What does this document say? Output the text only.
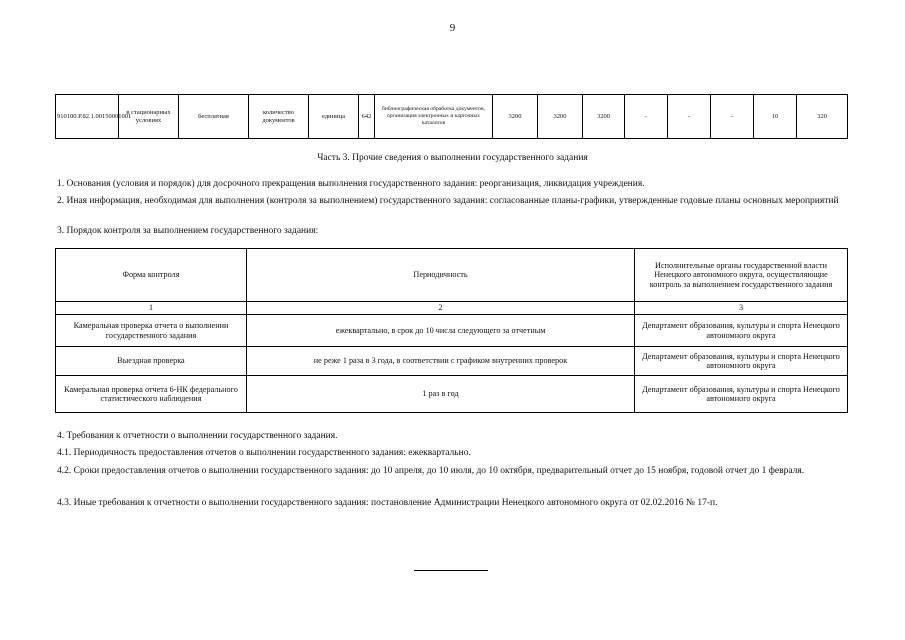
9
910100.Р.82.1.00150001001	в стационарных условиях	бесплатная	количество документов	единица	642	библиографическая обработка документов, организация электронных и карточных каталогов	3200	3200	3200	-	-	-	10	320
Часть 3. Прочие сведения о выполнении государственного задания
1. Основания (условия и порядок) для досрочного прекращения выполнения государственного задания: реорганизация, ликвидация учреждения.
2. Иная информация, необходимая для выполнения (контроля за выполнением) государственного задания: согласованные планы-графики, утвержденные годовые планы основных мероприятий
3. Порядок контроля за выполнением государственного задания:
Форма контроля	Периодичность	Исполнительные органы государственной власти Ненецкого автономного округа, осуществляющие контроль за выполнением государственного задания
1	2	3
Камеральная проверка отчета о выполнении государственного задания	ежеквартально, в срок до 10 числа следующего за отчетным	Департамент образования, культуры и спорта Ненецкого автономного округа
Выездная проверка	не реже 1 раза в 3 года, в соответствии с графиком внутренних проверок	Департамент образования, культуры и спорта Ненецкого автономного округа
Камеральная проверка отчета 6-НК федерального статистического наблюдения	1 раз в год	Департамент образования, культуры и спорта Ненецкого автономного округа
4. Требования к отчетности о выполнении государственного задания.
4.1. Периодичность предоставления отчетов о выполнении государственного задания: ежеквартально.
4.2. Сроки предоставления отчетов о выполнении государственного задания: до 10 апреля, до 10 июля, до 10 октября, предварительный отчет до 15 ноября, годовой отчет до 1 февраля.
4.3. Иные требования к отчетности о выполнении государственного задания: постановление Администрации Ненецкого автономного округа от 02.02.2016 № 17-п.
